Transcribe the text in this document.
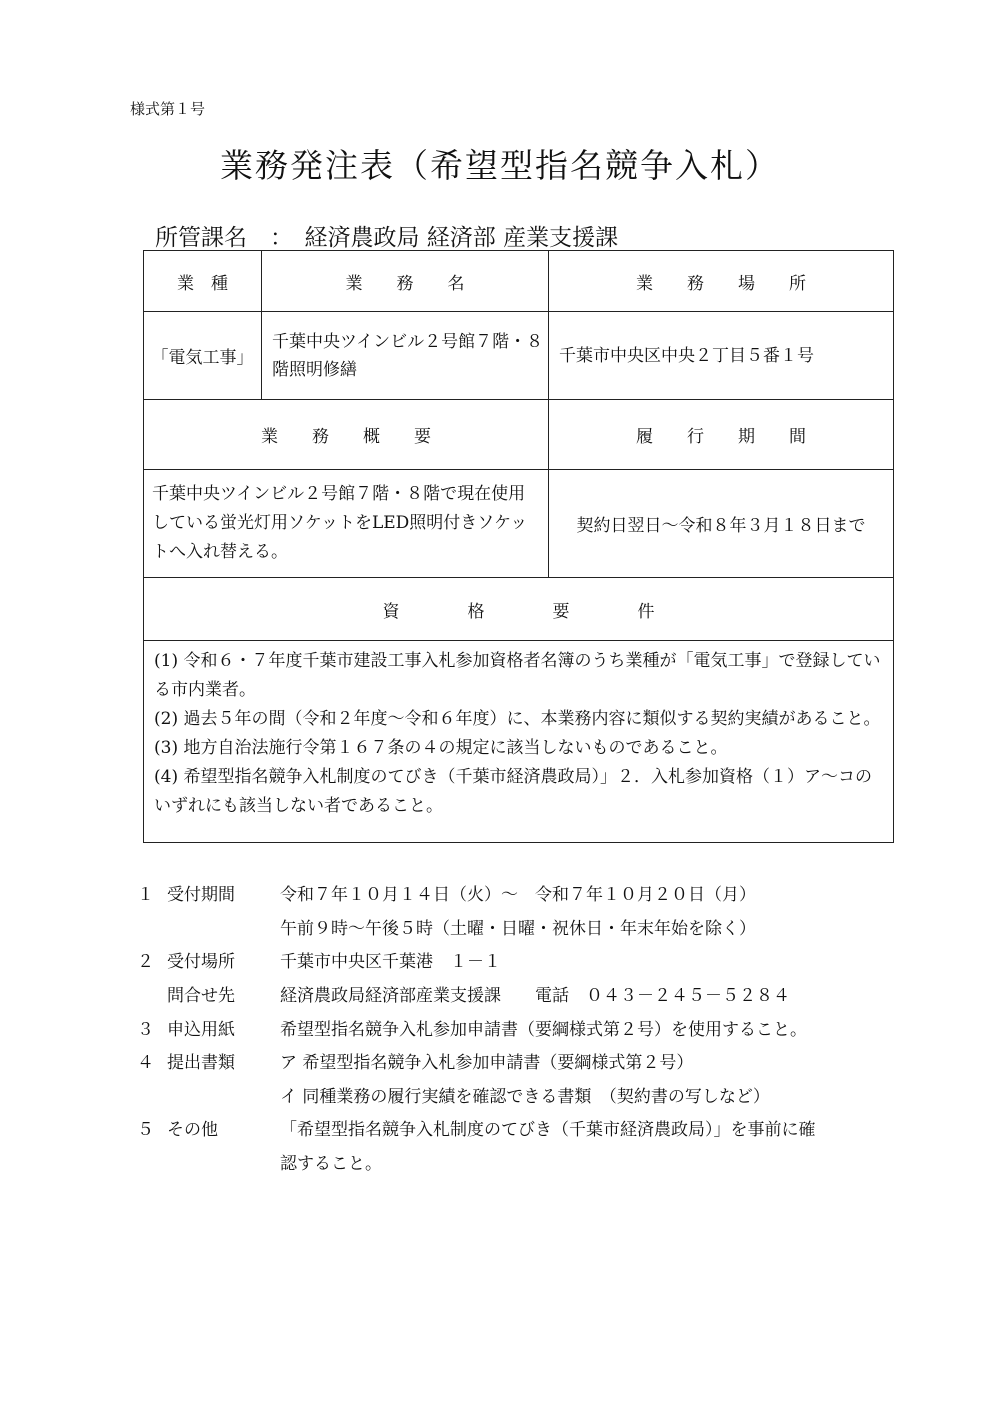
様式第１号
業務発注表（希望型指名競争入札）
所管課名　：　経済農政局 経済部 産業支援課
業　種	業　　務　　名	業　　務　　場　　所
「電気工事」	千葉中央ツインビル２号館７階・８階照明修繕	千葉市中央区中央２丁目５番１号
業　　務　　概　　要		履　　行　　期　　間
千葉中央ツインビル２号館７階・８階で現在使用している蛍光灯用ソケットをLED照明付きソケットへ入れ替える。		契約日翌日～令和８年３月１８日まで
資　　　　格　　　　要　　　　件		

(1) 令和６・７年度千葉市建設工事入札参加資格者名簿のうち業種が「電気工事」で登録している市内業者。
(2) 過去５年の間（令和２年度～令和６年度）に、本業務内容に類似する契約実績があること。
(3) 地方自治法施行令第１６７条の４の規定に該当しないものであること。
(4) 希望型指名競争入札制度のてびき（千葉市経済農政局）」２．入札参加資格（１）ア～コのいずれにも該当しない者であること。		
１ 受付期間	令和７年１０月１４日（火）～　令和７年１０月２０日（月）
午前９時～午後５時（土曜・日曜・祝休日・年末年始を除く）
２ 受付場所	千葉市中央区千葉港　１－１
問合せ先	経済農政局経済部産業支援課　　電話　０４３－２４５－５２８４
３ 申込用紙	希望型指名競争入札参加申請書（要綱様式第２号）を使用すること。
４ 提出書類	ア 希望型指名競争入札参加申請書（要綱様式第２号）
イ 同種業務の履行実績を確認できる書類　（契約書の写しなど）
５ その他	「希望型指名競争入札制度のてびき（千葉市経済農政局）」を事前に確
認すること。
